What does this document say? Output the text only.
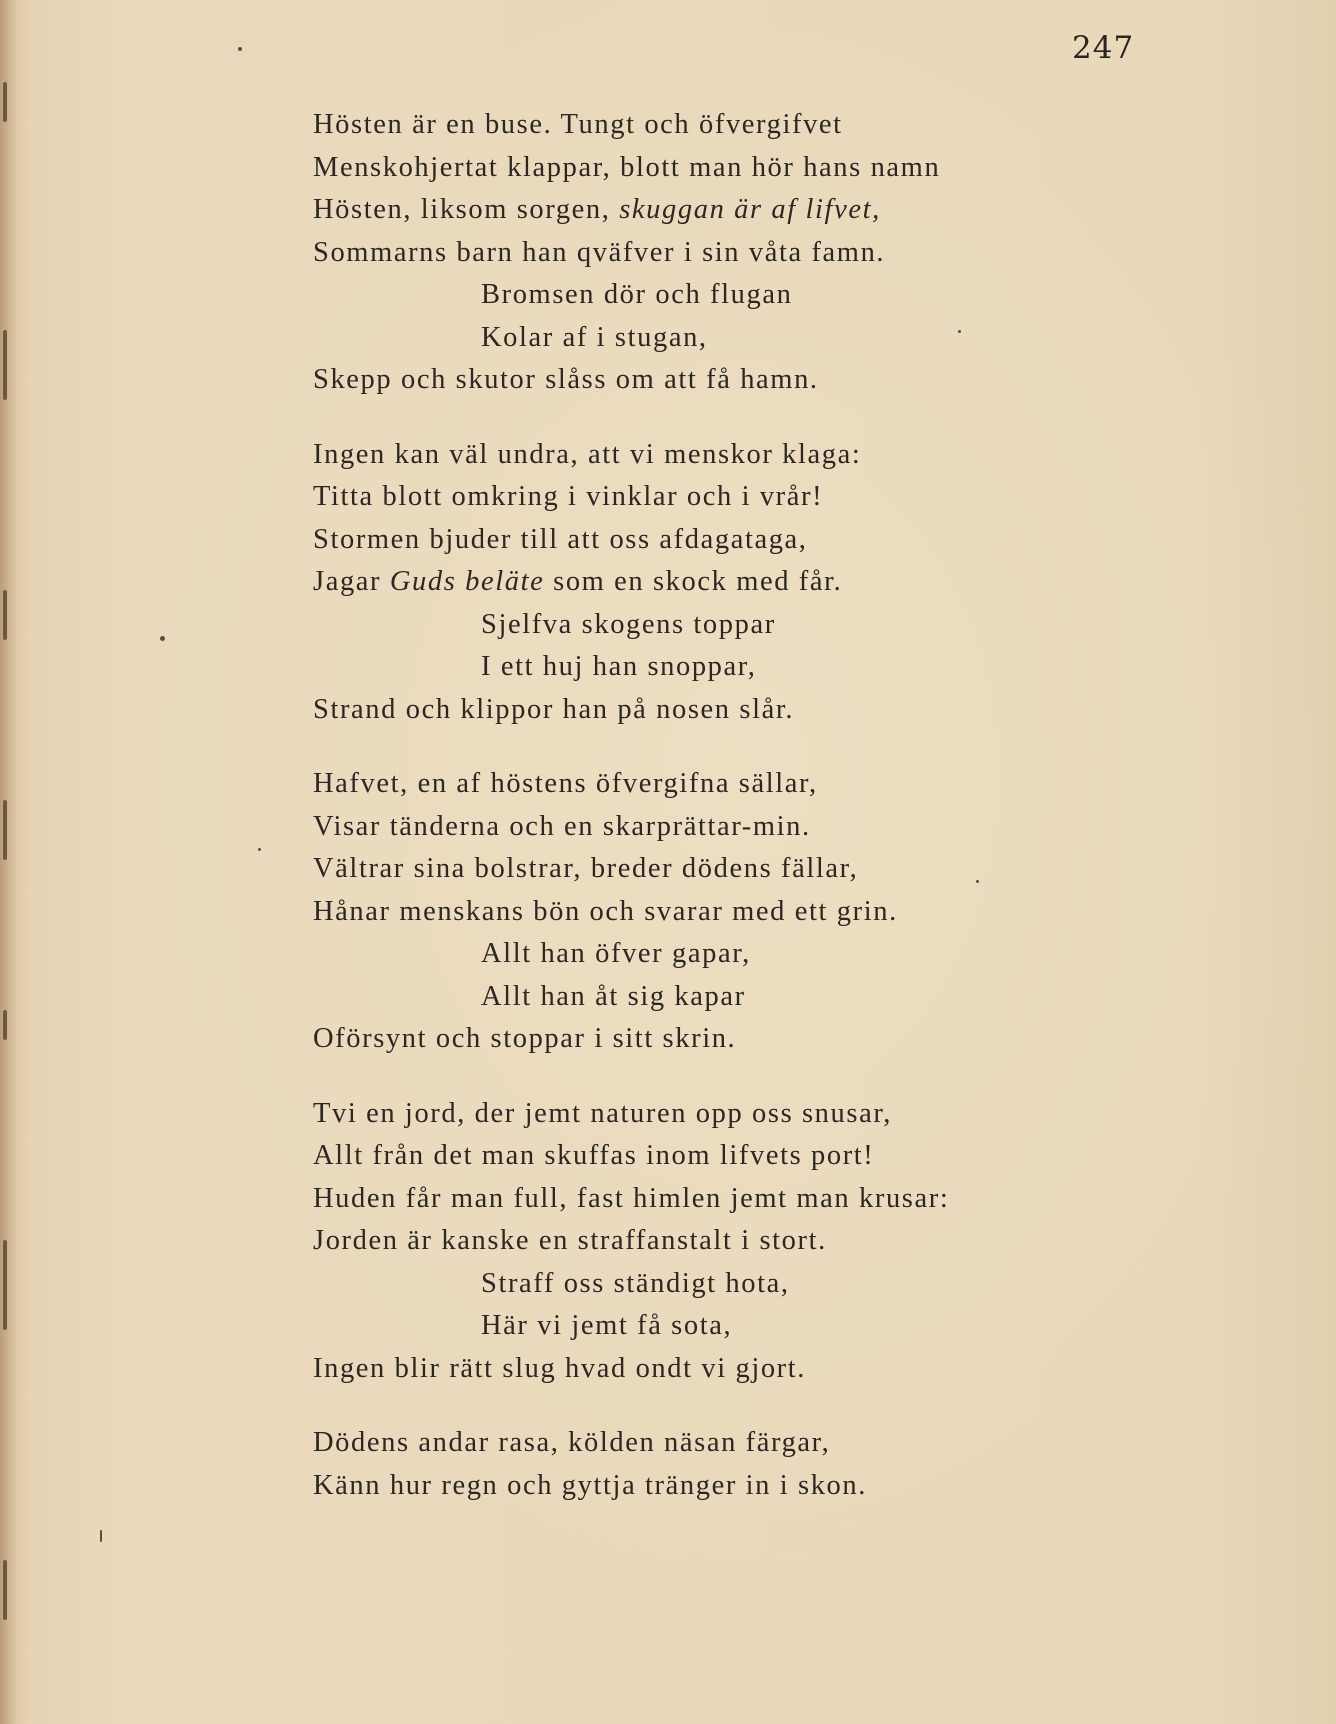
247
Hösten är en buse. Tungt och öfvergifvet
Menskohjertat klappar, blott man hör hans namn
Hösten, liksom sorgen, skuggan är af lifvet,
Sommarns barn han qväfver i sin våta famn.
Bromsen dör och flugan
Kolar af i stugan,
Skepp och skutor slåss om att få hamn.
Ingen kan väl undra, att vi menskor klaga:
Titta blott omkring i vinklar och i vrår!
Stormen bjuder till att oss afdagataga,
Jagar Guds beläte som en skock med får.
Sjelfva skogens toppar
I ett huj han snoppar,
Strand och klippor han på nosen slår.
Hafvet, en af höstens öfvergifna sällar,
Visar tänderna och en skarprättar-min.
Vältrar sina bolstrar, breder dödens fällar,
Hånar menskans bön och svarar med ett grin.
Allt han öfver gapar,
Allt han åt sig kapar
Oförsynt och stoppar i sitt skrin.
Tvi en jord, der jemt naturen opp oss snusar,
Allt från det man skuffas inom lifvets port!
Huden får man full, fast himlen jemt man krusar:
Jorden är kanske en straffanstalt i stort.
Straff oss ständigt hota,
Här vi jemt få sota,
Ingen blir rätt slug hvad ondt vi gjort.
Dödens andar rasa, kölden näsan färgar,
Känn hur regn och gyttja tränger in i skon.
